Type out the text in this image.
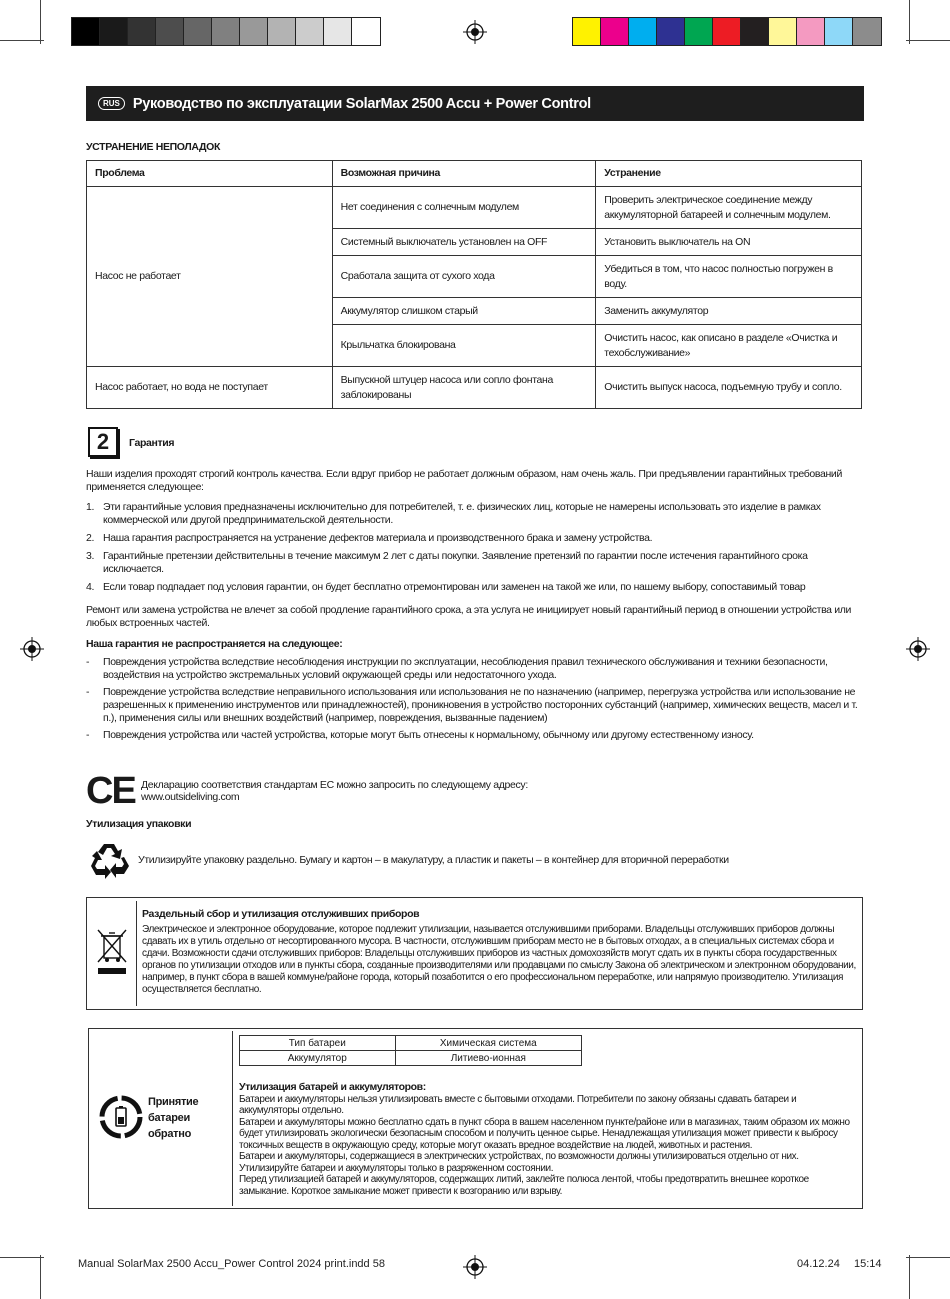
RUS Руководство по эксплуатации SolarMax 2500 Accu + Power Control
УСТРАНЕНИЕ НЕПОЛАДОК
Проблема	Возможная причина	Устранение
Насос не работает	Нет соединения с солнечным модулем	Проверить электрическое соединение между аккумуляторной батареей и солнечным модулем.
	Системный выключатель установлен на OFF	Установить выключатель на ON
	Сработала защита от сухого хода	Убедиться в том, что насос полностью погружен в воду.
	Аккумулятор слишком старый	Заменить аккумулятор
	Крыльчатка блокирована	Очистить насос, как описано в разделе «Очистка и техобслуживание»
Насос работает, но вода не поступает	Выпускной штуцер насоса или сопло фонтана заблокированы	Очистить выпуск насоса, подъемную трубу и сопло.
2	Гарантия

Наши изделия проходят строгий контроль качества. Если вдруг прибор не работает должным образом, нам очень жаль. При предъявлении гарантийных требований применяется следующее:

1. Эти гарантийные условия предназначены исключительно для потребителей, т. е. физических лиц, которые не намерены использовать это изделие в рамках коммерческой или другой предпринимательской деятельности.
2. Наша гарантия распространяется на устранение дефектов материала и производственного брака и замену устройства.
3. Гарантийные претензии действительны в течение максимум 2 лет с даты покупки. Заявление претензий по гарантии после истечения гарантийного срока исключается.
4. Если товар подпадает под условия гарантии, он будет бесплатно отремонтирован или заменен на такой же или, по нашему выбору, сопоставимый товар

Ремонт или замена устройства не влечет за собой продление гарантийного срока, а эта услуга не инициирует новый гарантийный период в отношении устройства или любых встроенных частей.

Наша гарантия не распространяется на следующее:

- Повреждения устройства вследствие несоблюдения инструкции по эксплуатации, несоблюдения правил технического обслуживания и техники безопасности, воздействия на устройство экстремальных условий окружающей среды или недостаточного ухода.
- Повреждение устройства вследствие неправильного использования или использования не по назначению (например, перегрузка устройства или использование не разрешенных к применению инструментов или принадлежностей), проникновения в устройство посторонних субстанций (например, химических веществ, масел и т. п.), применения силы или внешних воздействий (например, повреждения, вызванные падением)
- Повреждения устройства или частей устройства, которые могут быть отнесены к нормальному, обычному или другому естественному износу.
CE Декларацию соответствия стандартам ЕС можно запросить по следующему адресу:
www.outsideliving.com
Утилизация упаковки
Утилизируйте упаковку раздельно. Бумагу и картон – в макулатуру, а пластик и пакеты – в контейнер для вторичной переработки
Раздельный сбор и утилизация отслуживших приборов
Электрическое и электронное оборудование, которое подлежит утилизации, называется отслужившими приборами. Владельцы отслуживших приборов должны сдавать их в утиль отдельно от несортированного мусора. В частности, отслужившим приборам место не в бытовых отходах, а в специальных системах сбора и сдачи. Возможности сдачи отслуживших приборов: Владельцы отслуживших приборов из частных домохозяйств могут сдать их в пункты сбора государственных органов по утилизации отходов или в пункты сбора, созданные производителями или продавцами по смыслу Закона об электрическом и электронном оборудовании, например, в пункт сбора в вашей коммуне/районе города, который позаботится о его профессиональном переработке, или напрямую производителю. Утилизация осуществляется бесплатно.
Принятие батареи обратно
Тип батареи	Химическая система
Аккумулятор	Литиево-ионная
Утилизация батарей и аккумуляторов:
Батареи и аккумуляторы нельзя утилизировать вместе с бытовыми отходами. Потребители по закону обязаны сдавать батареи и аккумуляторы отдельно.
Батареи и аккумуляторы можно бесплатно сдать в пункт сбора в вашем населенном пункте/районе или в магазинах, таким образом их можно будет утилизировать экологически безопасным способом и получить ценное сырье. Ненадлежащая утилизация может привести к выбросу токсичных веществ в окружающую среду, которые могут оказать вредное воздействие на людей, животных и растения.
Батареи и аккумуляторы, содержащиеся в электрических устройствах, по возможности должны утилизироваться отдельно от них.
Утилизируйте батареи и аккумуляторы только в разряженном состоянии.
Перед утилизацией батарей и аккумуляторов, содержащих литий, заклейте полюса лентой, чтобы предотвратить внешнее короткое замыкание. Короткое замыкание может привести к возгоранию или взрыву.
Manual SolarMax 2500 Accu_Power Control 2024 print.indd 58	04.12.24 15:14
